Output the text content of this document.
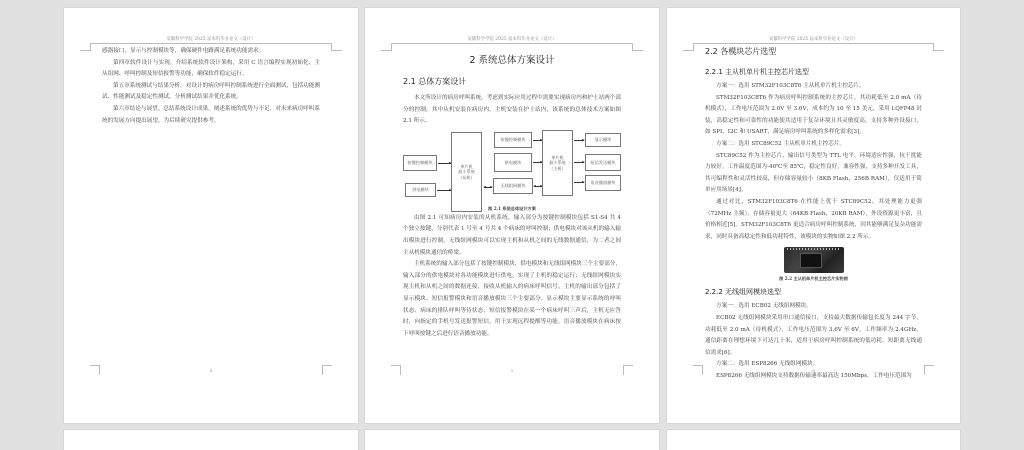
安徽科学学院 2025 届本科毕业论文（设计）

感器接口、显示与控制模块等，确保硬件电路满足系统功能需求。

第四章软件设计与实现。介绍系统软件设计架构，采用 C 语言编程实现初始化、主从组网、呼叫控制及短信报警等功能，确保软件稳定运行。

第五章系统测试与结果分析。对设计的病房呼叫控制系统进行全面测试，包括功能测试、性能测试及稳定性测试，分析测试结果并优化系统。

第六章结论与展望。总结系统设计成果，阐述系统的优势与不足，对未来病房呼叫系统的发展方向提出展望，为后续研究提供参考。

4
安徽科学学院 2025 届本科毕业论文（设计）

2 系统总体方案设计

2.1 总体方案设计

本文所设计的病房呼叫系统，考虑到实际应用过程中需要实现病房内和护士站两个部分的控制，其中从机安装在病房内，主机安装在护士站内，该系统的总体技术方案如图 2.1 所示。

按键控制模块
供电模块
单片机
最小系统
（从机）
按键控制模块
供电模块
无线组网模块
单片机
最小系统
（主机）
显示模块
短信发送模块
语音播放模块
图 2.1 系统总体设计方案

由图 2.1 可知病房内安装的从机系统，输入部分为按键控制模块包括 S1-S4 共 4 个独立按键，分别代表 1 号至 4 号共 4 个病床的呼叫控制；供电模块对该从机的输入输出模块进行控制。无线组网模块可以实现主机和从机之间的无线数据通信，为二者之间主从机模块通信的桥梁。

主机系统的输入部分包括了按键控制模块、供电模块和无线组网模块三个主要部分，输入部分的供电模块对各功能模块进行供电，实现了主机的稳定运行；无线组网模块实现主机和从机之间的数据连接，接收从机输入的病床呼叫信号。主机的输出部分包括了显示模块、短信报警模块和语音播放模块三个主要部分。显示模块主要显示系统的呼叫状态、病床的排队呼叫等待状态；短信报警模块在某一个病床呼叫三声后，主机无应答时，向指定的手机号发送报警短信，用于实现远程提醒等功能。语音播放模块在病床按下呼叫按键之后进行语音播放功能。

5
安徽科学学院 2025 届本科毕业论文（设计）

2.2 各模块芯片选型

2.2.1 主从机单片机主控芯片选型

方案一：选用 STM32F103C8T6 主从机单片机主控芯片。

STM32F103C8T6 作为病房呼叫控制系统的主控芯片，其功耗低至 2.0 mA（待机模式），工作电压范围为 2.0V 至 3.6V，成本约为 10 至 15 美元，采用 LQFP48 封装，高稳定性和可靠性的功能使其适用于复杂环境且其灵敏度高，支持多种外设接口，如 SPI、I2C 和 USART，满足病房呼叫系统的多样化需求[3]。

方案二：选用 STC89C52 主从机单片机主控芯片。

STC89C52 作为主控芯片，输出信号类型为 TTL 电平，环境适应性强，抗干扰能力较好，工作温度范围为-40℃至 85℃，稳定性良好，兼容性强，支持多种开发工具，其可编程性和灵活性较高，但存储容量较小（8KB Flash，256B RAM），仅适用于简单应用场景[4]。

通过对比，STM32F103C8T6 在性能上优于 STC89C52，其处理能力更强（72MHz 主频），存储容量更大（64KB Flash，20KB RAM），外设资源更丰富，且价格相近[5]。STM32F103C8T6 更适合病房呼叫控制系统，因其能够满足复杂功能需求，同时具备高稳定性和低功耗特性，该模块的实物如图 2.2 所示。

图 2.2 主从机单片机主控芯片实物图

2.2.2 无线组网模块选型

方案一：选用 ECB02 无线组网模块。

ECB02 无线组网模块采用串口通信接口，支持最大数据传输包长度为 244 字节，功耗低至 2.0 mA（待机模式），工作电压范围为 3.6V 至 6V，工作频率为 2.4GHz，通信距离在理想环境下可达几十米，适用于病房呼叫控制系统的低功耗、短距离无线通信需求[6]。

方案二：选用 ESP8266 无线组网模块。

ESP8266 无线组网模块支持数据传输速率最高达 150Mbps，工作电压范围为

6
